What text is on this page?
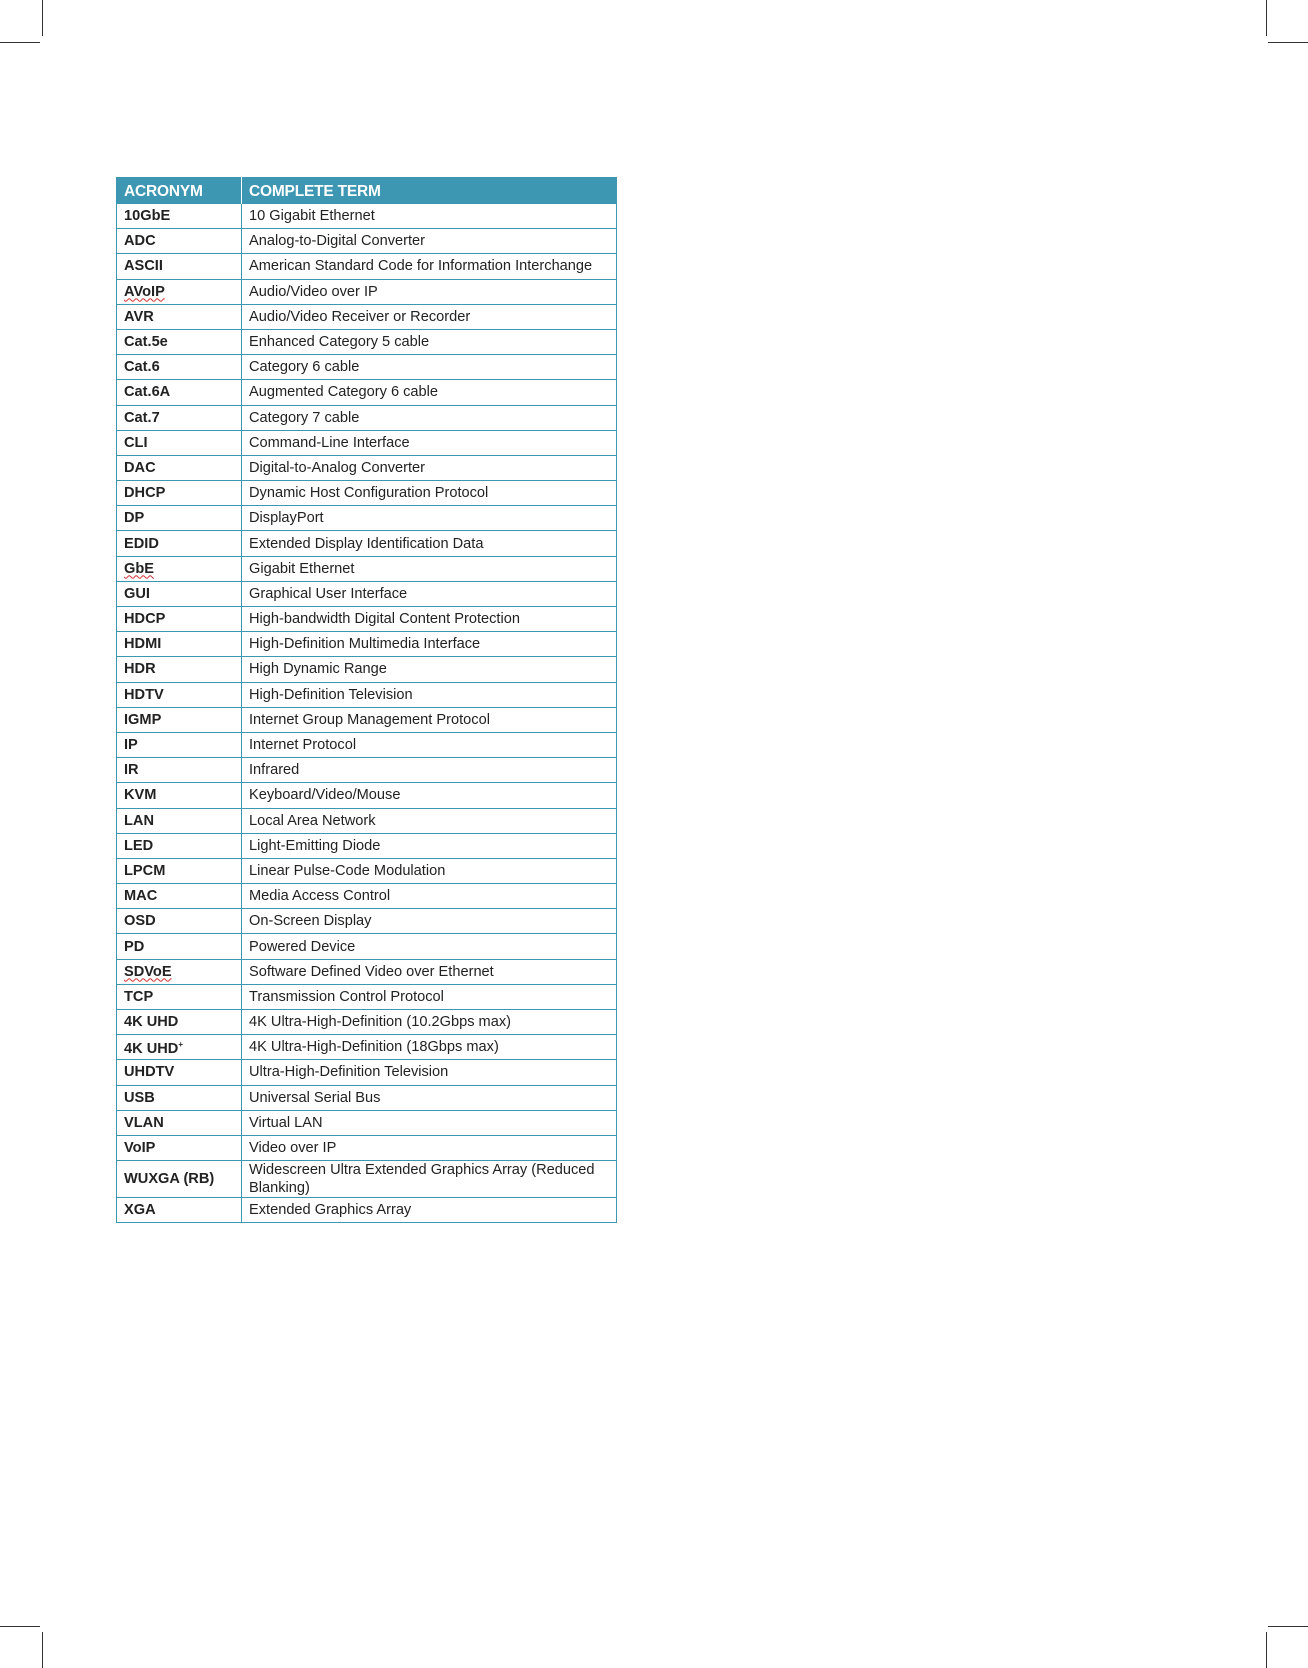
ACRONYM	COMPLETE TERM
10GbE	10 Gigabit Ethernet
ADC	Analog-to-Digital Converter
ASCII	American Standard Code for Information Interchange
AVoIP	Audio/Video over IP
AVR	Audio/Video Receiver or Recorder
Cat.5e	Enhanced Category 5 cable
Cat.6	Category 6 cable
Cat.6A	Augmented Category 6 cable
Cat.7	Category 7 cable
CLI	Command-Line Interface
DAC	Digital-to-Analog Converter
DHCP	Dynamic Host Configuration Protocol
DP	DisplayPort
EDID	Extended Display Identification Data
GbE	Gigabit Ethernet
GUI	Graphical User Interface
HDCP	High-bandwidth Digital Content Protection
HDMI	High-Definition Multimedia Interface
HDR	High Dynamic Range
HDTV	High-Definition Television
IGMP	Internet Group Management Protocol
IP	Internet Protocol
IR	Infrared
KVM	Keyboard/Video/Mouse
LAN	Local Area Network
LED	Light-Emitting Diode
LPCM	Linear Pulse-Code Modulation
MAC	Media Access Control
OSD	On-Screen Display
PD	Powered Device
SDVoE	Software Defined Video over Ethernet
TCP	Transmission Control Protocol
4K UHD	4K Ultra-High-Definition (10.2Gbps max)
4K UHD+	4K Ultra-High-Definition (18Gbps max)
UHDTV	Ultra-High-Definition Television
USB	Universal Serial Bus
VLAN	Virtual LAN
VoIP	Video over IP
WUXGA (RB)	Widescreen Ultra Extended Graphics Array (Reduced Blanking)
XGA	Extended Graphics Array
